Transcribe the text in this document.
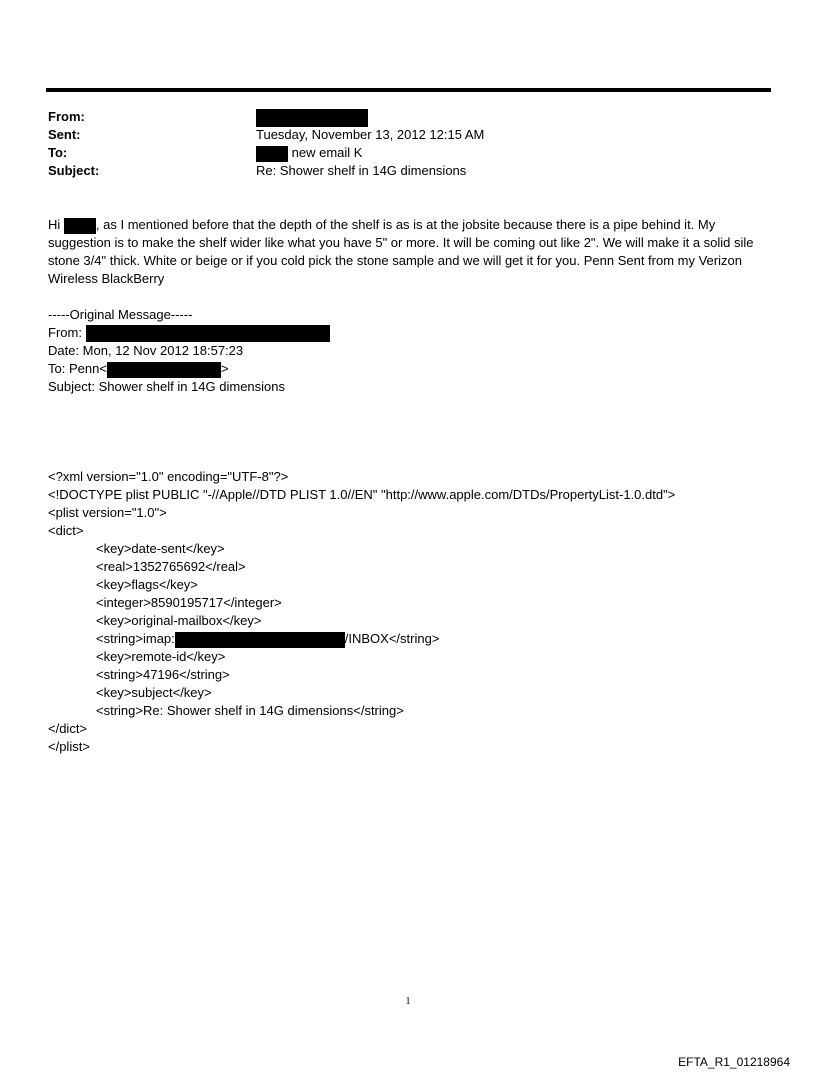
From:
Sent:	Tuesday, November 13, 2012 12:15 AM
To:	new email K
Subject:	Re: Shower shelf in 14G dimensions

Hi	, as I mentioned before that the depth of the shelf is as is at the jobsite because there is a pipe behind it. My suggestion is to make the shelf wider like what you have 5" or more. It will be coming out like 2". We will make it a solid sile stone 3/4" thick. White or beige or if you cold pick the stone sample and we will get it for you. Penn Sent from my Verizon Wireless BlackBerry

-----Original Message-----
From:
Date: Mon, 12 Nov 2012 18:57:23
To: Penn<	>
Subject: Shower shelf in 14G dimensions
<?xml version="1.0" encoding="UTF-8"?>
<!DOCTYPE plist PUBLIC "-//Apple//DTD PLIST 1.0//EN" "http://www.apple.com/DTDs/PropertyList-1.0.dtd">
<plist version="1.0">
<dict>
<key>date-sent</key>
<real>1352765692</real>
<key>flags</key>
<integer>8590195717</integer>
<key>original-mailbox</key>
<string>imap:	/INBOX</string>
<key>remote-id</key>
<string>47196</string>
<key>subject</key>
<string>Re: Shower shelf in 14G dimensions</string>
</dict>
</plist>
1
EFTA_R1_01218964
